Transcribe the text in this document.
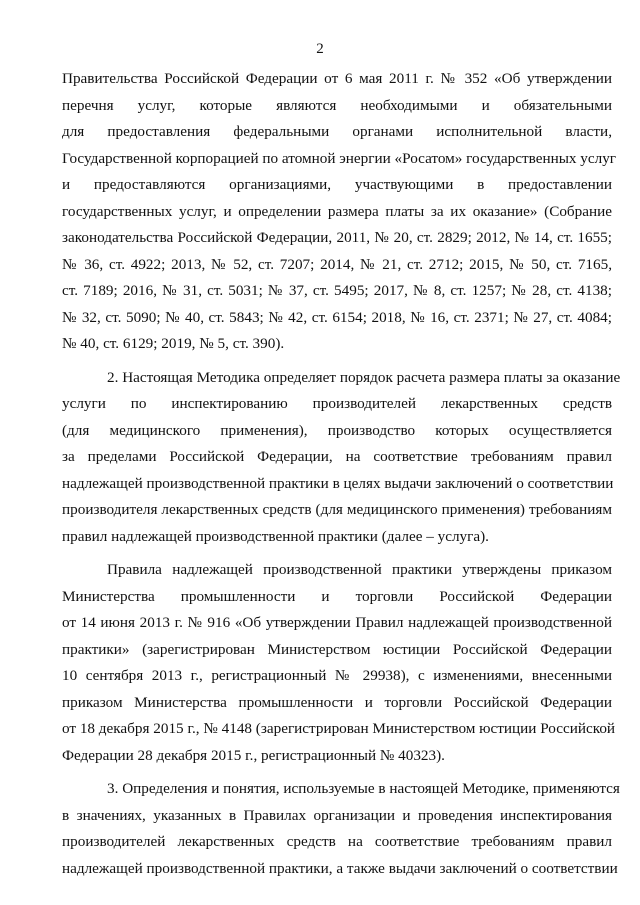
2
Правительства Российской Федерации от 6 мая 2011 г. № 352 «Об утверждении
перечня услуг, которые являются необходимыми и обязательными
для предоставления федеральными органами исполнительной власти,
Государственной корпорацией по атомной энергии «Росатом» государственных услуг
и предоставляются организациями, участвующими в предоставлении
государственных услуг, и определении размера платы за их оказание» (Собрание
законодательства Российской Федерации, 2011, № 20, ст. 2829; 2012, № 14, ст. 1655;
№ 36, ст. 4922; 2013, № 52, ст. 7207; 2014, № 21, ст. 2712; 2015, № 50, ст. 7165,
ст. 7189; 2016, № 31, ст. 5031; № 37, ст. 5495; 2017, № 8, ст. 1257; № 28, ст. 4138;
№ 32, ст. 5090; № 40, ст. 5843; № 42, ст. 6154; 2018, № 16, ст. 2371; № 27, ст. 4084;
№ 40, ст. 6129; 2019, № 5, ст. 390).
2. Настоящая Методика определяет порядок расчета размера платы за оказание
услуги по инспектированию производителей лекарственных средств
(для медицинского применения), производство которых осуществляется
за пределами Российской Федерации, на соответствие требованиям правил
надлежащей производственной практики в целях выдачи заключений о соответствии
производителя лекарственных средств (для медицинского применения) требованиям
правил надлежащей производственной практики (далее – услуга).
Правила надлежащей производственной практики утверждены приказом
Министерства промышленности и торговли Российской Федерации
от 14 июня 2013 г. № 916 «Об утверждении Правил надлежащей производственной
практики» (зарегистрирован Министерством юстиции Российской Федерации
10 сентября 2013 г., регистрационный № 29938), с изменениями, внесенными
приказом Министерства промышленности и торговли Российской Федерации
от 18 декабря 2015 г., № 4148 (зарегистрирован Министерством юстиции Российской
Федерации 28 декабря 2015 г., регистрационный № 40323).
3. Определения и понятия, используемые в настоящей Методике, применяются
в значениях, указанных в Правилах организации и проведения инспектирования
производителей лекарственных средств на соответствие требованиям правил
надлежащей производственной практики, а также выдачи заключений о соответствии
